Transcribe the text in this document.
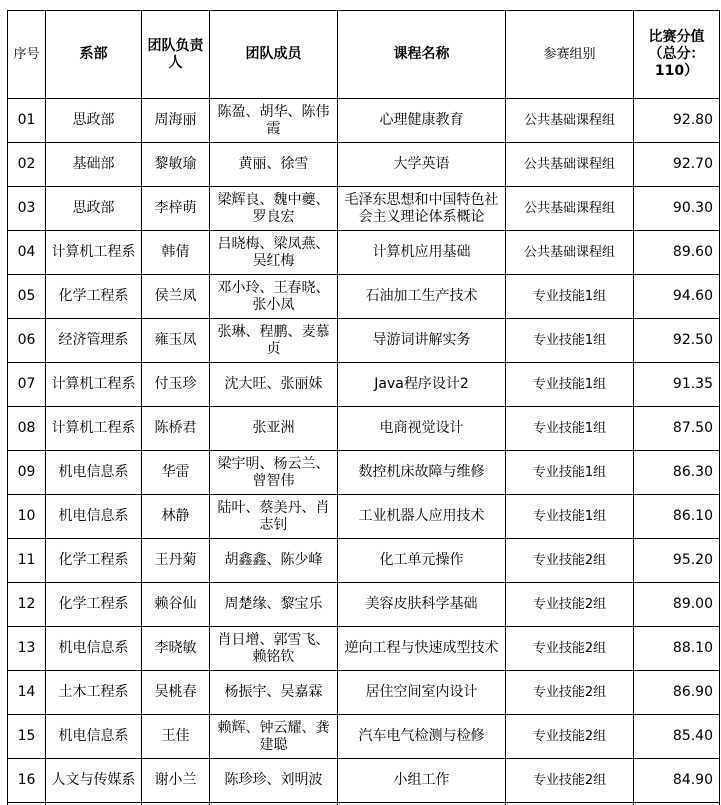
序号	系部	团队负责人	团队成员	课程名称	参赛组别	比赛分值（总分：110）
01	思政部	周海丽	陈盈、胡华、陈伟霞	心理健康教育	公共基础课程组	92.80
02	基础部	黎敏瑜	黄丽、徐雪	大学英语	公共基础课程组	92.70
03	思政部	李梓萌	梁辉良、魏中夔、罗良宏	毛泽东思想和中国特色社会主义理论体系概论	公共基础课程组	90.30
04	计算机工程系	韩倩	吕晓梅、梁凤燕、吴红梅	计算机应用基础	公共基础课程组	89.60
05	化学工程系	侯兰凤	邓小玲、王春晓、张小凤	石油加工生产技术	专业技能1组	94.60
06	经济管理系	雍玉凤	张琳、程鹏、麦慕贞	导游词讲解实务	专业技能1组	92.50
07	计算机工程系	付玉珍	沈大旺、张丽妹	Java程序设计2	专业技能1组	91.35
08	计算机工程系	陈桥君	张亚洲	电商视觉设计	专业技能1组	87.50
09	机电信息系	华雷	梁宇明、杨云兰、曾智伟	数控机床故障与维修	专业技能1组	86.30
10	机电信息系	林静	陆叶、蔡美丹、肖志钊	工业机器人应用技术	专业技能1组	86.10
11	化学工程系	王丹菊	胡鑫鑫、陈少峰	化工单元操作	专业技能2组	95.20
12	化学工程系	赖谷仙	周楚缘、黎宝乐	美容皮肤科学基础	专业技能2组	89.00
13	机电信息系	李晓敏	肖日增、郭雪飞、赖铭钦	逆向工程与快速成型技术	专业技能2组	88.10
14	土木工程系	吴桃春	杨振宇、吴嘉霖	居住空间室内设计	专业技能2组	86.90
15	机电信息系	王佳	赖辉、钟云耀、龚建聪	汽车电气检测与检修	专业技能2组	85.40
16	人文与传媒系	谢小兰	陈珍珍、刘明波	小组工作	专业技能2组	84.90
